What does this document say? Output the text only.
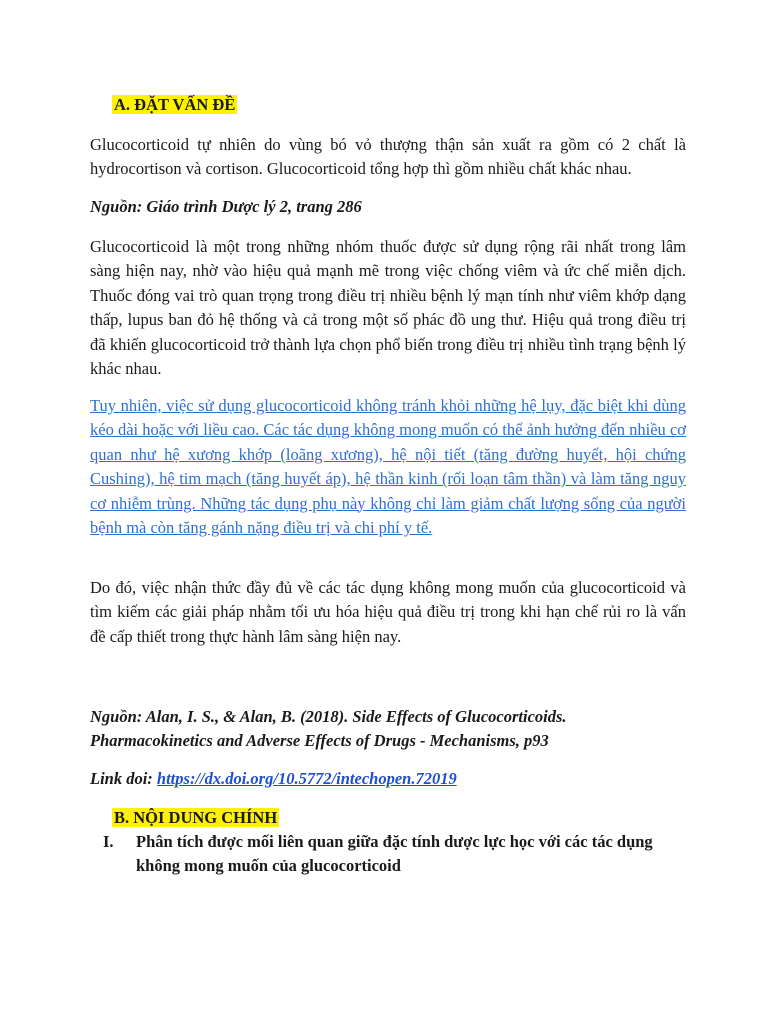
A. ĐẶT VẤN ĐỀ

Glucocorticoid tự nhiên do vùng bó vỏ thượng thận sản xuất ra gồm có 2 chất là hydrocortison và cortison. Glucocorticoid tổng hợp thì gồm nhiều chất khác nhau.

Nguồn: Giáo trình Dược lý 2, trang 286

Glucocorticoid là một trong những nhóm thuốc được sử dụng rộng rãi nhất trong lâm sàng hiện nay, nhờ vào hiệu quả mạnh mẽ trong việc chống viêm và ức chế miễn dịch. Thuốc đóng vai trò quan trọng trong điều trị nhiều bệnh lý mạn tính như viêm khớp dạng thấp, lupus ban đỏ hệ thống và cả trong một số phác đồ ung thư. Hiệu quả trong điều trị đã khiến glucocorticoid trở thành lựa chọn phổ biến trong điều trị nhiều tình trạng bệnh lý khác nhau.

Tuy nhiên, việc sử dụng glucocorticoid không tránh khỏi những hệ lụy, đặc biệt khi dùng kéo dài hoặc với liều cao. Các tác dụng không mong muốn có thể ảnh hưởng đến nhiều cơ quan như hệ xương khớp (loãng xương), hệ nội tiết (tăng đường huyết, hội chứng Cushing), hệ tim mạch (tăng huyết áp), hệ thần kinh (rối loạn tâm thần) và làm tăng nguy cơ nhiễm trùng. Những tác dụng phụ này không chỉ làm giảm chất lượng sống của người bệnh mà còn tăng gánh nặng điều trị và chi phí y tế.

Do đó, việc nhận thức đầy đủ về các tác dụng không mong muốn của glucocorticoid và tìm kiếm các giải pháp nhằm tối ưu hóa hiệu quả điều trị trong khi hạn chế rủi ro là vấn đề cấp thiết trong thực hành lâm sàng hiện nay.

Nguồn: Alan, I. S., & Alan, B. (2018). Side Effects of Glucocorticoids. Pharmacokinetics and Adverse Effects of Drugs - Mechanisms, p93

Link doi: https://dx.doi.org/10.5772/intechopen.72019

B. NỘI DUNG CHÍNH
I. Phân tích được mối liên quan giữa đặc tính dược lực học với các tác dụng không mong muốn của glucocorticoid
